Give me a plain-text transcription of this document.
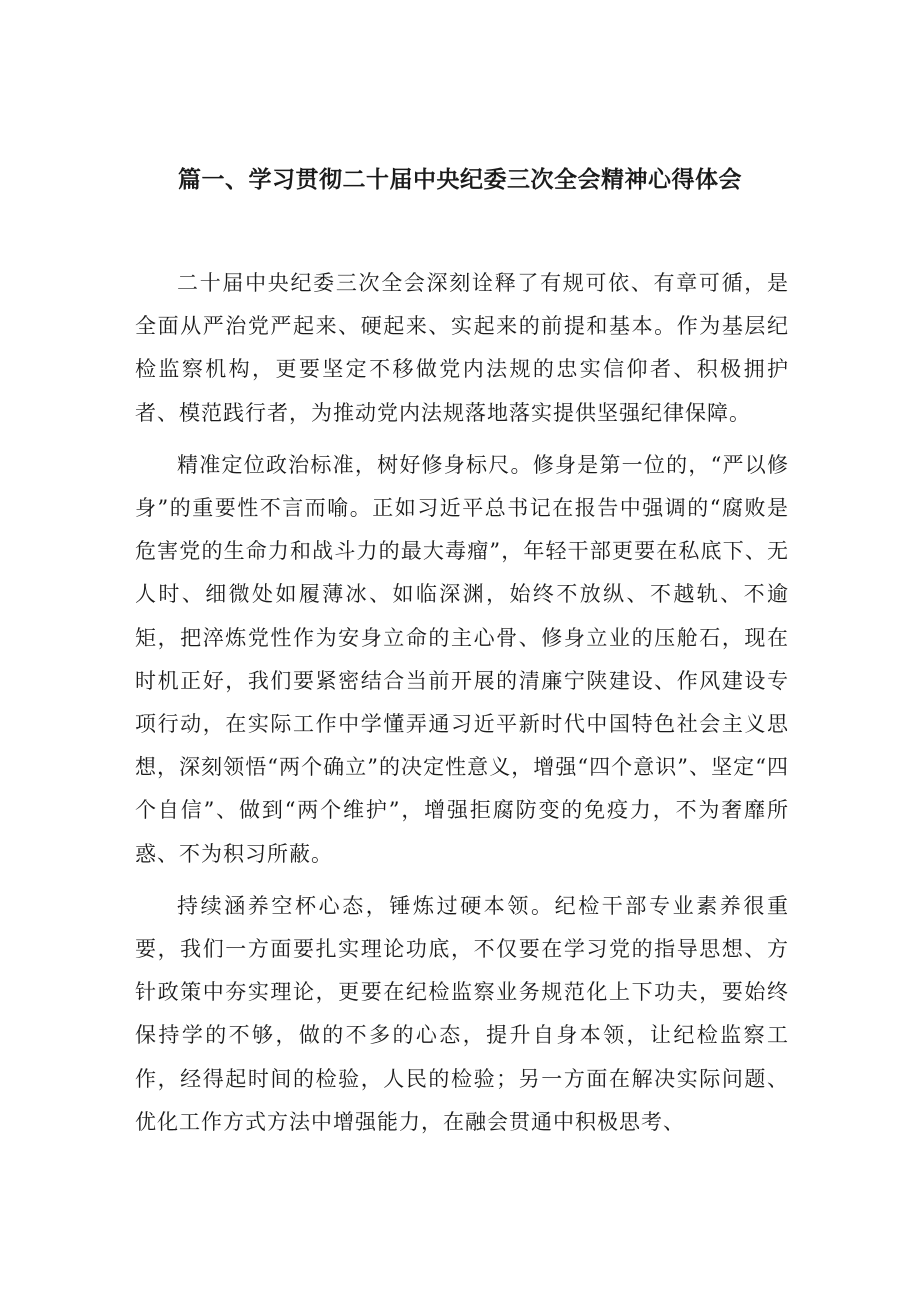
篇一、学习贯彻二十届中央纪委三次全会精神心得体会

二十届中央纪委三次全会深刻诠释了有规可依、有章可循，是全面从严治党严起来、硬起来、实起来的前提和基本。作为基层纪检监察机构，更要坚定不移做党内法规的忠实信仰者、积极拥护者、模范践行者，为推动党内法规落地落实提供坚强纪律保障。

精准定位政治标准，树好修身标尺。修身是第一位的，“严以修身”的重要性不言而喻。正如习近平总书记在报告中强调的“腐败是危害党的生命力和战斗力的最大毒瘤”，年轻干部更要在私底下、无人时、细微处如履薄冰、如临深渊，始终不放纵、不越轨、不逾矩，把淬炼党性作为安身立命的主心骨、修身立业的压舱石，现在时机正好，我们要紧密结合当前开展的清廉宁陕建设、作风建设专项行动，在实际工作中学懂弄通习近平新时代中国特色社会主义思想，深刻领悟“两个确立”的决定性意义，增强“四个意识”、坚定“四个自信”、做到“两个维护”，增强拒腐防变的免疫力，不为奢靡所惑、不为积习所蔽。

持续涵养空杯心态，锤炼过硬本领。纪检干部专业素养很重要，我们一方面要扎实理论功底，不仅要在学习党的指导思想、方针政策中夯实理论，更要在纪检监察业务规范化上下功夫，要始终保持学的不够，做的不多的心态，提升自身本领，让纪检监察工作，经得起时间的检验，人民的检验；另一方面在解决实际问题、优化工作方式方法中增强能力，在融会贯通中积极思考、
